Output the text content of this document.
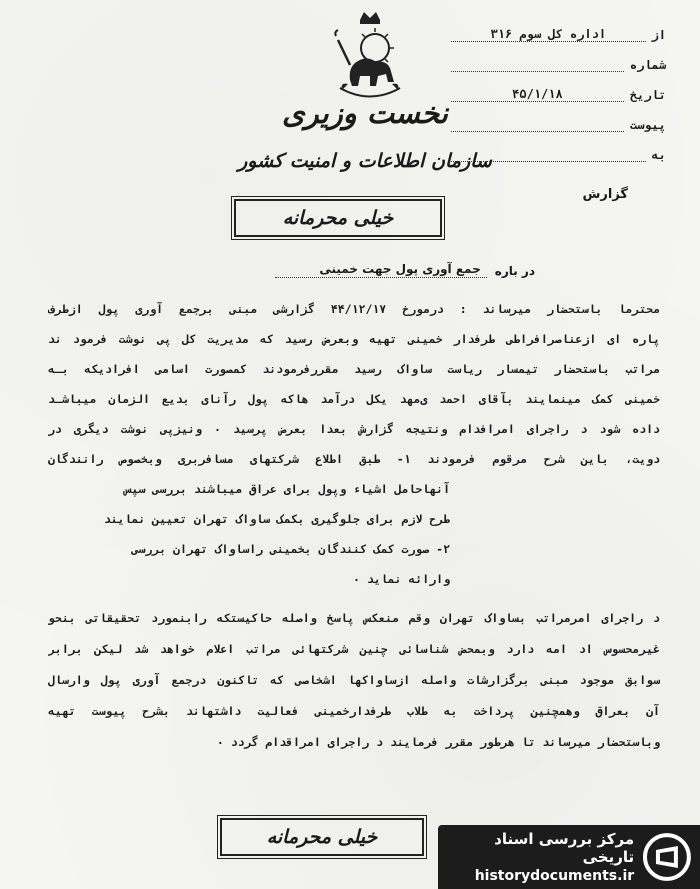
نخست وزیری
سازمان اطلاعات و امنیت کشور
از
اداره کل سوم ۳۱۶
شماره
تاریخ
۴۵/۱/۱۸
پیوست
به
گزارش
خیلی محرمانه
در باره
جمع آوری پول جهت خمینی

محترما باستحضار میرساند : درمورخ ۴۴/۱۲/۱۷ گزارشی مبنی برجمع آوری پول ازطرف

پاره ای ازعناصرافراطی طرفدار خمینی تهیه وبعرض رسید که مدیریت کل پی نوشت فرمود ند

مراتب باستحضار تیمسار ریاست ساواک رسید مقررفرمودند کمصورت اسامی افرادیکه بـه

خمینی کمک مینمایند بآقای احمد ی‌مهد یکل درآمد هاکه پول رآنای بدیع الزمان میباشـد

داده شود د راجرای امرافدام ونتیجه گزارش بعدا بعرض پرسید ۰ ونیزپی نوشت دیگری در

دویت، باین شرح مرقوم فرمودند ۱- طبق اطلاع شرکتهای مسافربری وبخصوص رانندگان

آنهاحامل اشیاء وپول برای عراق میباشند بررسی سپس

طرح لازم برای جلوگیری بکمک ساواک تهران تعیین نمایند

۲- صورت کمک کنندگان بخمینی راساواک تهران بررسی

وارائه نماید ۰

د راجرای امرمراتب بساواک تهران وقم منعکس پاسخ واصله حاکیستکه رابنمورد تحقیقاتی بنحو

غیرمحسوس اد امه دارد وبمحض شناسائی چنین شرکتهائی مراتب اعلام خواهد شد لیکن برابر

سوابق موجود مبنی برگزارشات واصله ازساواکها اشخاصی که تاکنون درجمع آوری پول وارسال

آن بعراق وهمچنین پرداخت به طلاب طرفدارخمینی فعالیت داشتهاند بشرح پیوست تهیه

وباستحضار میرساند تا هرطور مقرر فرمایند د راجرای امراقدام گردد ۰

خیلی محرمانه	مرکز بررسی اسناد تاریخی
historydocuments.ir
